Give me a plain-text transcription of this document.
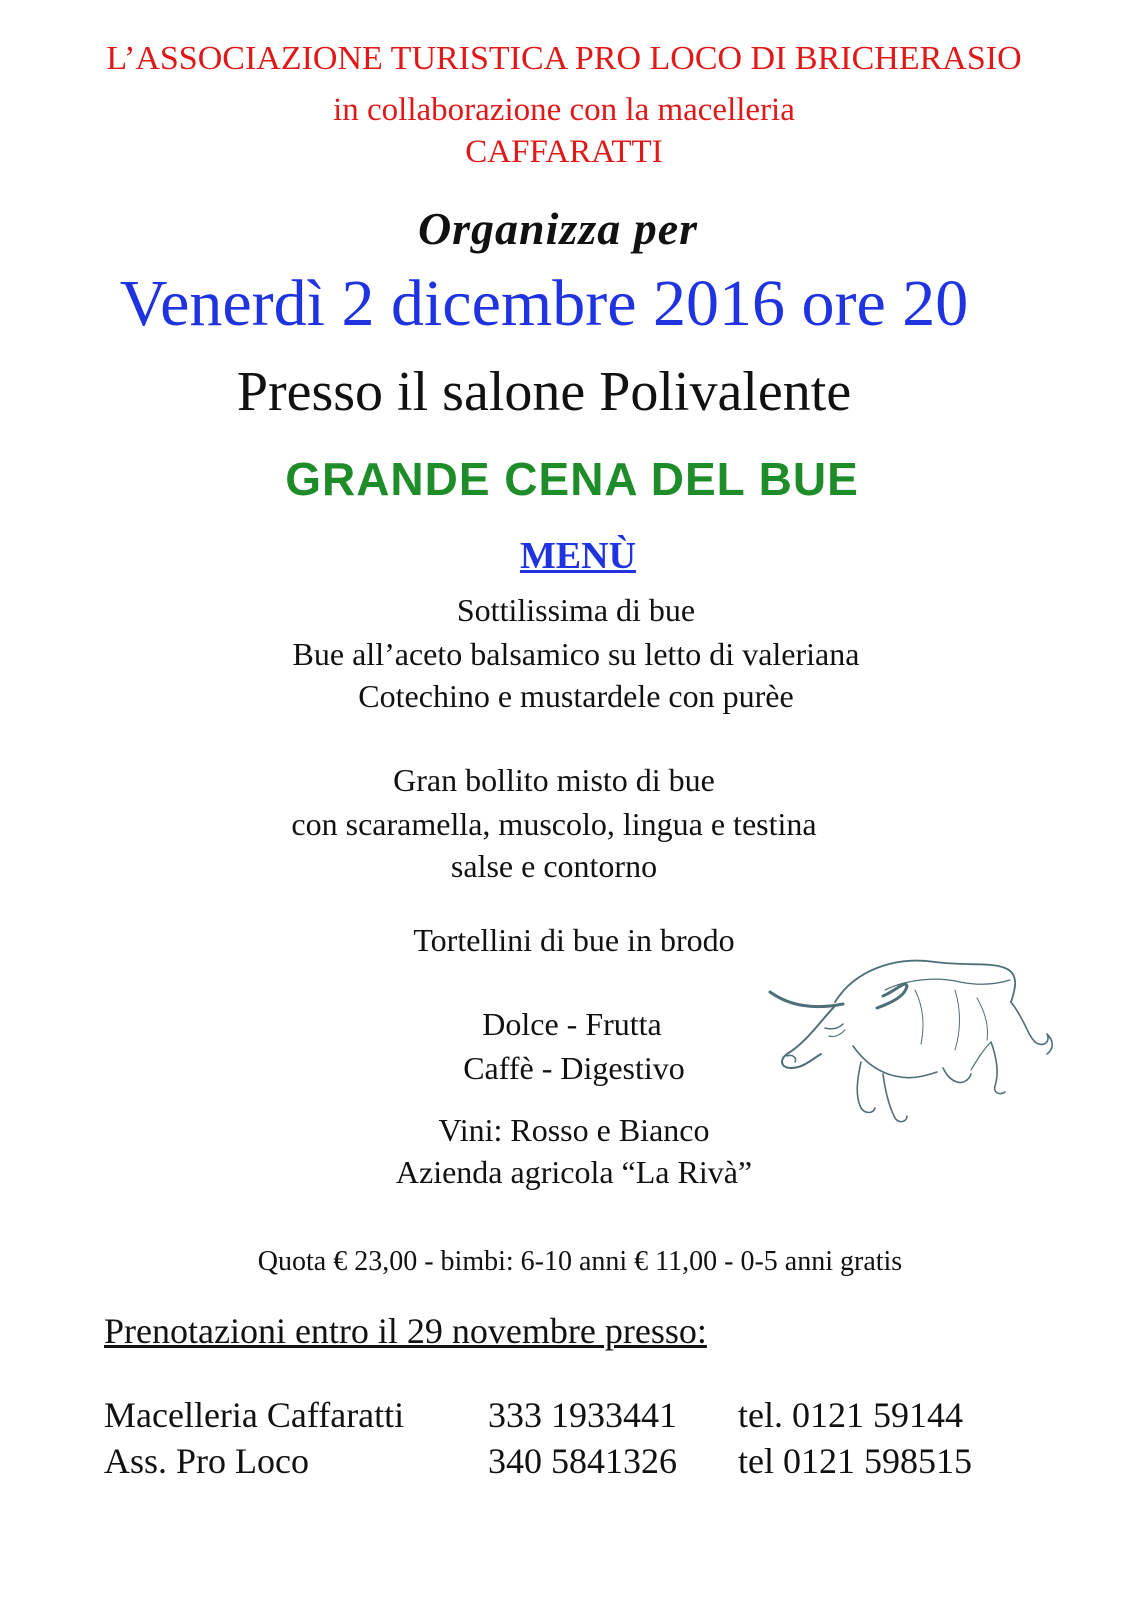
L’ASSOCIAZIONE TURISTICA PRO LOCO DI BRICHERASIO
in collaborazione con la macelleria
CAFFARATTI
Organizza per
Venerdì 2 dicembre 2016 ore 20
Presso il salone Polivalente
GRANDE CENA DEL BUE
MENÙ
Sottilissima di bue
Bue all’aceto balsamico su letto di valeriana
Cotechino e mustardele con purèe
Gran bollito misto di bue
con scaramella, muscolo, lingua e testina
salse e contorno
Tortellini di bue in brodo
Dolce - Frutta
Caffè - Digestivo
Vini: Rosso e Bianco
Azienda agricola “La Rivà”
Quota € 23,00 - bimbi: 6-10 anni € 11,00 - 0-5 anni gratis
Prenotazioni entro il 29 novembre presso:
Macelleria Caffaratti 333 1933441 tel. 0121 59144
Ass. Pro Loco	340 5841326 tel 0121 598515
